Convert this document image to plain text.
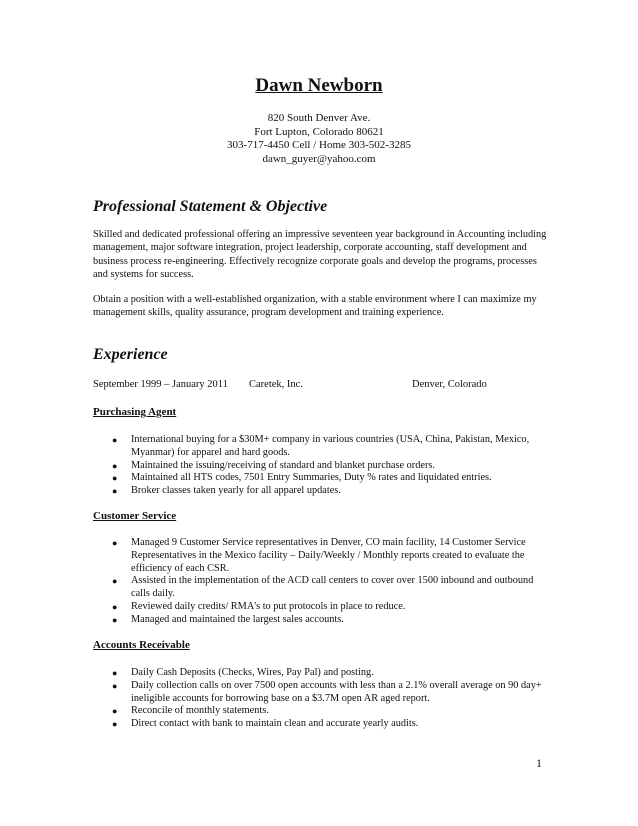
Dawn Newborn
820 South Denver Ave.
Fort Lupton, Colorado 80621
303-717-4450 Cell / Home 303-502-3285
dawn_guyer@yahoo.com
Professional Statement & Objective

Skilled and dedicated professional offering an impressive seventeen year background in Accounting including management, major software integration, project leadership, corporate accounting, staff development and business process re-engineering. Effectively recognize corporate goals and develop the programs, processes and systems for success.

Obtain a position with a well-established organization, with a stable environment where I can maximize my management skills, quality assurance, program development and training experience.

Experience
September 1999 – January 2011 Caretek, Inc.	Denver, Colorado
Purchasing Agent
● International buying for a $30M+ company in various countries (USA, China, Pakistan, Mexico, Myanmar) for apparel and hard goods.
● Maintained the issuing/receiving of standard and blanket purchase orders.
● Maintained all HTS codes, 7501 Entry Summaries, Duty % rates and liquidated entries.
● Broker classes taken yearly for all apparel updates.
Customer Service
● Managed 9 Customer Service representatives in Denver, CO main facility, 14 Customer Service Representatives in the Mexico facility – Daily/Weekly / Monthly reports created to evaluate the efficiency of each CSR.
● Assisted in the implementation of the ACD call centers to cover over 1500 inbound and outbound calls daily.
● Reviewed daily credits/ RMA's to put protocols in place to reduce.
● Managed and maintained the largest sales accounts.
Accounts Receivable
● Daily Cash Deposits (Checks, Wires, Pay Pal) and posting.
● Daily collection calls on over 7500 open accounts with less than a 2.1% overall average on 90 day+ ineligible accounts for borrowing base on a $3.7M open AR aged report.
● Reconcile of monthly statements.
● Direct contact with bank to maintain clean and accurate yearly audits.
1
